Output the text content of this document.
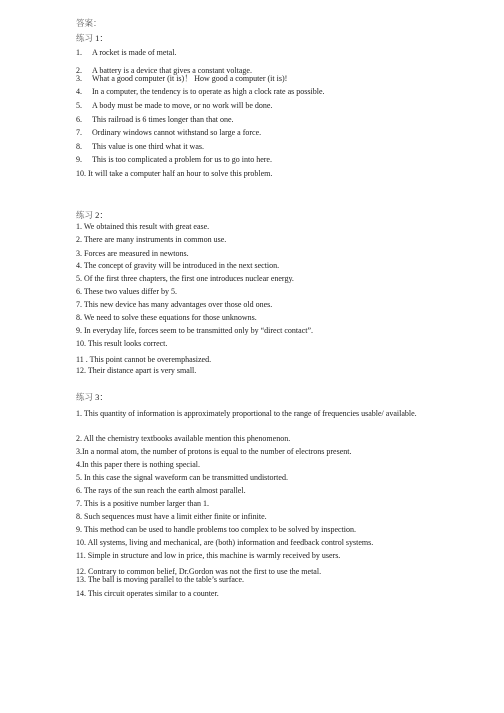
答案：
练习 1：
1. A rocket is made of metal.
2. A battery is a device that gives a constant voltage.
3. What a good computer (it is)！ How good a computer (it is)!
4. In a computer, the tendency is to operate as high a clock rate as possible.
5. A body must be made to move, or no work will be done.
6. This railroad is 6 times longer than that one.
7. Ordinary windows cannot withstand so large a force.
8. This value is one third what it was.
9. This is too complicated a problem for us to go into here.
10. It will take a computer half an hour to solve this problem.
练习 2：
1. We obtained this result with great ease.
2. There are many instruments in common use.
3. Forces are measured in newtons.
4. The concept of gravity will be introduced in the next section.
5. Of the first three chapters, the first one introduces nuclear energy.
6. These two values differ by 5.
7. This new device has many advantages over those old ones.
8. We need to solve these equations for those unknowns.
9. In everyday life, forces seem to be transmitted only by “direct contact”.
10. This result looks correct.
11 . This point cannot be overemphasized.
12. Their distance apart is very small.
练习 3：
1. This quantity of information is approximately proportional to the range of frequencies usable/ available.
2. All the chemistry textbooks available mention this phenomenon.
3.In a normal atom, the number of protons is equal to the number of electrons present.
4.In this paper there is nothing special.
5. In this case the signal waveform can be transmitted undistorted.
6. The rays of the sun reach the earth almost parallel.
7. This is a positive number larger than 1.
8. Such sequences must have a limit either finite or infinite.
9. This method can be used to handle problems too complex to be solved by inspection.
10. All systems, living and mechanical, are (both) information and feedback control systems.
11. Simple in structure and low in price, this machine is warmly received by users.
12. Contrary to common belief, Dr.Gordon was not the first to use the metal.
13. The ball is moving parallel to the table’s surface.
14. This circuit operates similar to a counter.
